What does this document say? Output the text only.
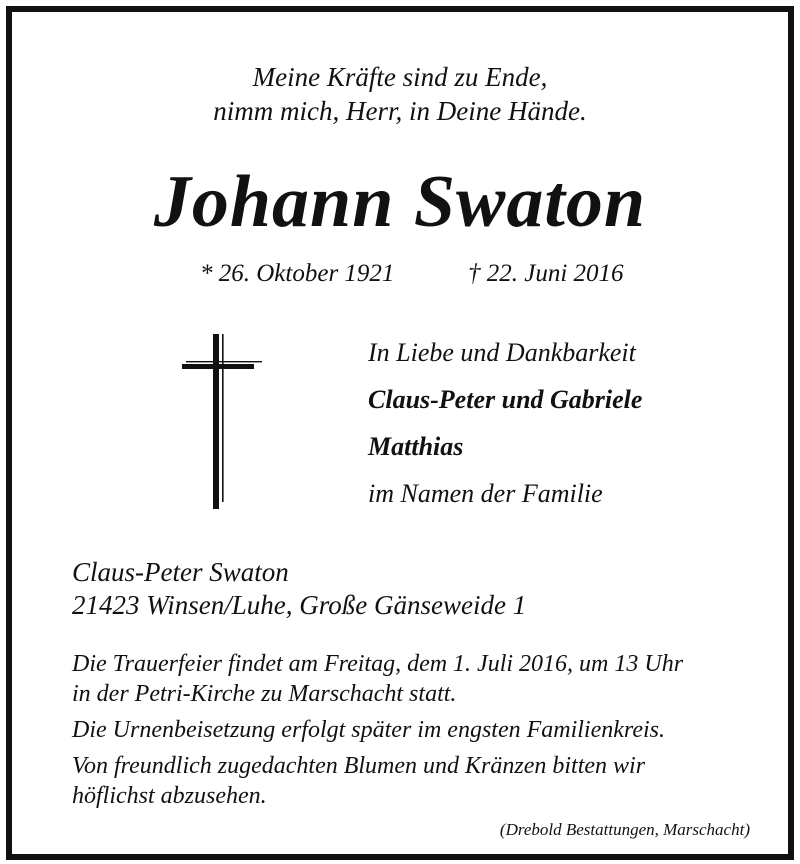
Meine Kräfte sind zu Ende,
nimm mich, Herr, in Deine Hände.
Johann Swaton
* 26. Oktober 1921	† 22. Juni 2016
In Liebe und Dankbarkeit
Claus-Peter und Gabriele
Matthias
im Namen der Familie
Claus-Peter Swaton
21423 Winsen/Luhe, Große Gänseweide 1
Die Trauerfeier findet am Freitag, dem 1. Juli 2016, um 13 Uhr
in der Petri-Kirche zu Marschacht statt.
Die Urnenbeisetzung erfolgt später im engsten Familienkreis.
Von freundlich zugedachten Blumen und Kränzen bitten wir
höflichst abzusehen.
(Drebold Bestattungen, Marschacht)
